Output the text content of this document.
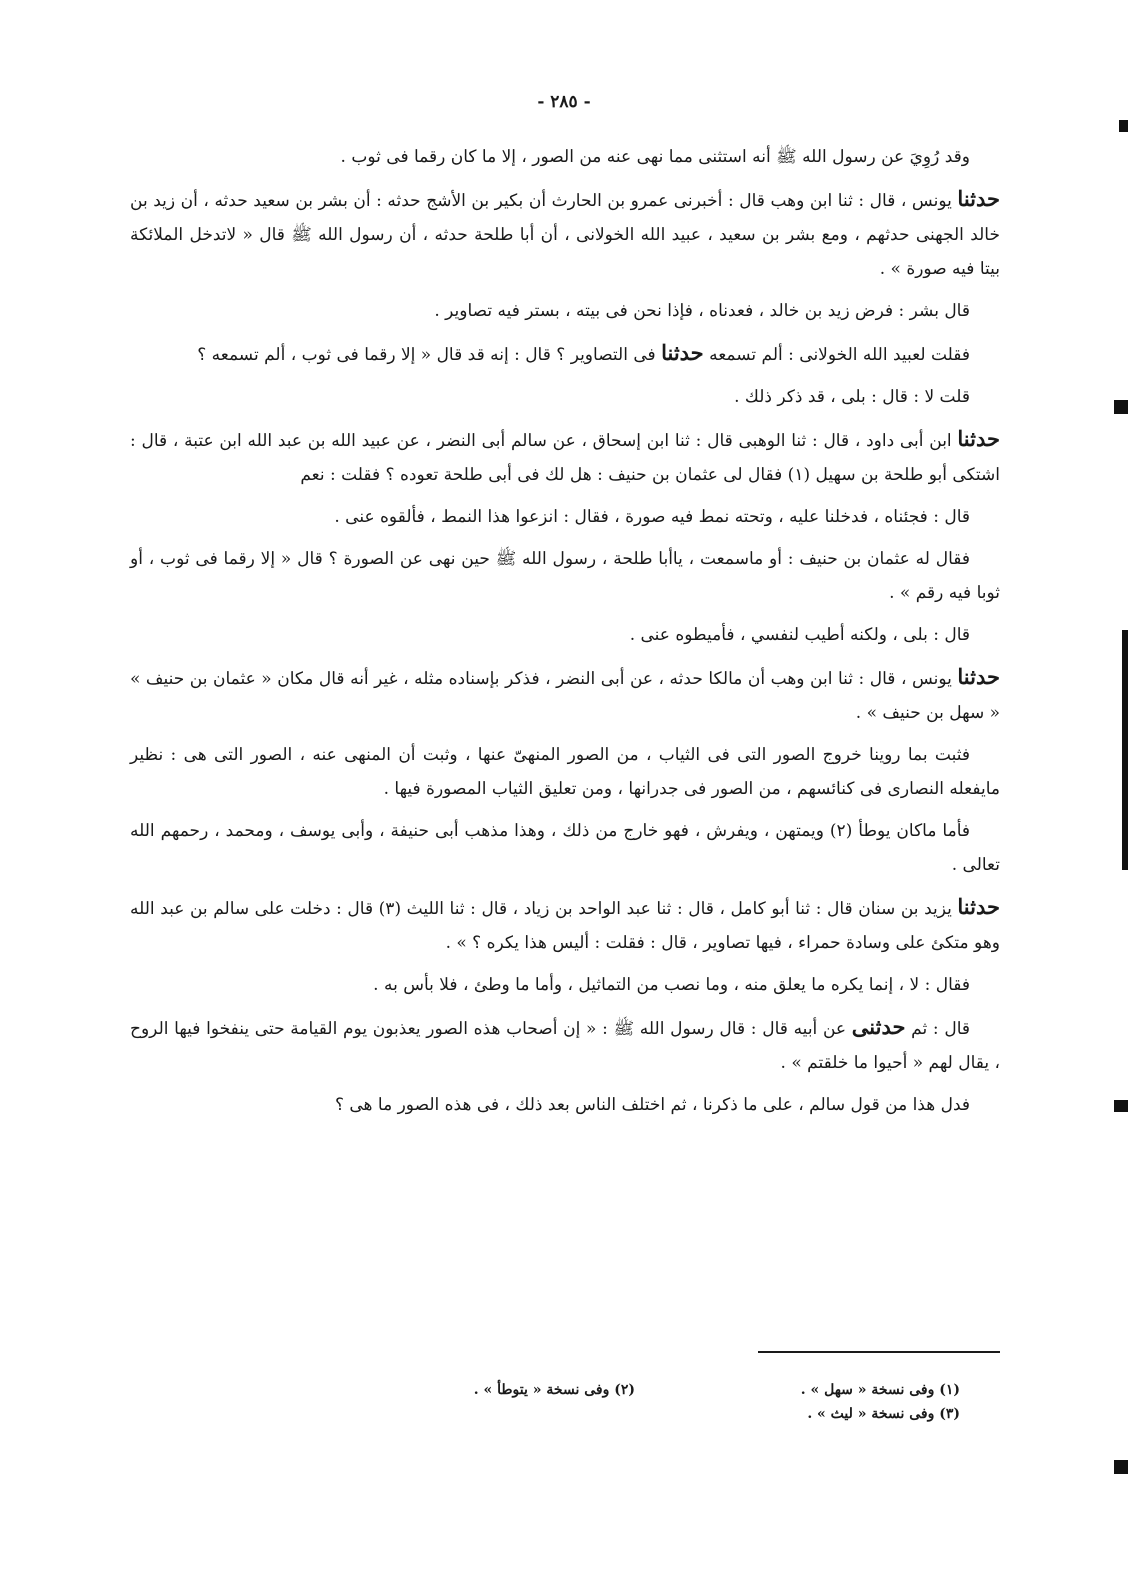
- ٢٨٥ -

وقد رُوِيَ عن رسول الله ﷺ أنه استثنى مما نهى عنه من الصور ، إلا ما كان رقما فى ثوب .

حدثنا يونس ، قال : ثنا ابن وهب قال : أخبرنى عمرو بن الحارث أن بكير بن الأشج حدثه : أن بشر بن سعيد حدثه ، أن زيد بن خالد الجهنى حدثهم ، ومع بشر بن سعيد ، عبيد الله الخولانى ، أن أبا طلحة حدثه ، أن رسول الله ﷺ قال « لاتدخل الملائكة بيتا فيه صورة » .

قال بشر : فرض زيد بن خالد ، فعدناه ، فإذا نحن فى بيته ، بستر فيه تصاوير .

فقلت لعبيد الله الخولانى : ألم تسمعه حدثنا فى التصاوير ؟ قال : إنه قد قال « إلا رقما فى ثوب ، ألم تسمعه ؟

قلت لا : قال : بلى ، قد ذكر ذلك .

حدثنا ابن أبى داود ، قال : ثنا الوهبى قال : ثنا ابن إسحاق ، عن سالم أبى النضر ، عن عبيد الله بن عبد الله ابن عتبة ، قال : اشتكى أبو طلحة بن سهيل (١) فقال لى عثمان بن حنيف : هل لك فى أبى طلحة تعوده ؟ فقلت : نعم

قال : فجئناه ، فدخلنا عليه ، وتحته نمط فيه صورة ، فقال : انزعوا هذا النمط ، فألقوه عنى .

فقال له عثمان بن حنيف : أو ماسمعت ، ياأبا طلحة ، رسول الله ﷺ حين نهى عن الصورة ؟ قال « إلا رقما فى ثوب ، أو ثوبا فيه رقم » .

قال : بلى ، ولكنه أطيب لنفسي ، فأميطوه عنى .

حدثنا يونس ، قال : ثنا ابن وهب أن مالكا حدثه ، عن أبى النضر ، فذكر بإسناده مثله ، غير أنه قال مكان « عثمان بن حنيف » « سهل بن حنيف » .

فثبت بما روينا خروج الصور التى فى الثياب ، من الصور المنهىّ عنها ، وثبت أن المنهى عنه ، الصور التى هى : نظير مايفعله النصارى فى كنائسهم ، من الصور فى جدرانها ، ومن تعليق الثياب المصورة فيها .

فأما ماكان يوطأ (٢) ويمتهن ، ويفرش ، فهو خارج من ذلك ، وهذا مذهب أبى حنيفة ، وأبى يوسف ، ومحمد ، رحمهم الله تعالى .

حدثنا يزيد بن سنان قال : ثنا أبو كامل ، قال : ثنا عبد الواحد بن زياد ، قال : ثنا الليث (٣) قال : دخلت على سالم بن عبد الله وهو متكئ على وسادة حمراء ، فيها تصاوير ، قال : فقلت : أليس هذا يكره ؟ » .

فقال : لا ، إنما يكره ما يعلق منه ، وما نصب من التماثيل ، وأما ما وطئ ، فلا بأس به .

قال : ثم حدثنى عن أبيه قال : قال رسول الله ﷺ : « إن أصحاب هذه الصور يعذبون يوم القيامة حتى ينفخوا فيها الروح ، يقال لهم « أحيوا ما خلقتم » .

فدل هذا من قول سالم ، على ما ذكرنا ، ثم اختلف الناس بعد ذلك ، فى هذه الصور ما هى ؟

(١) وفى نسخة « سهل » .
(٣) وفى نسخة « ليث » .
(٢) وفى نسخة « يتوطأ » .
